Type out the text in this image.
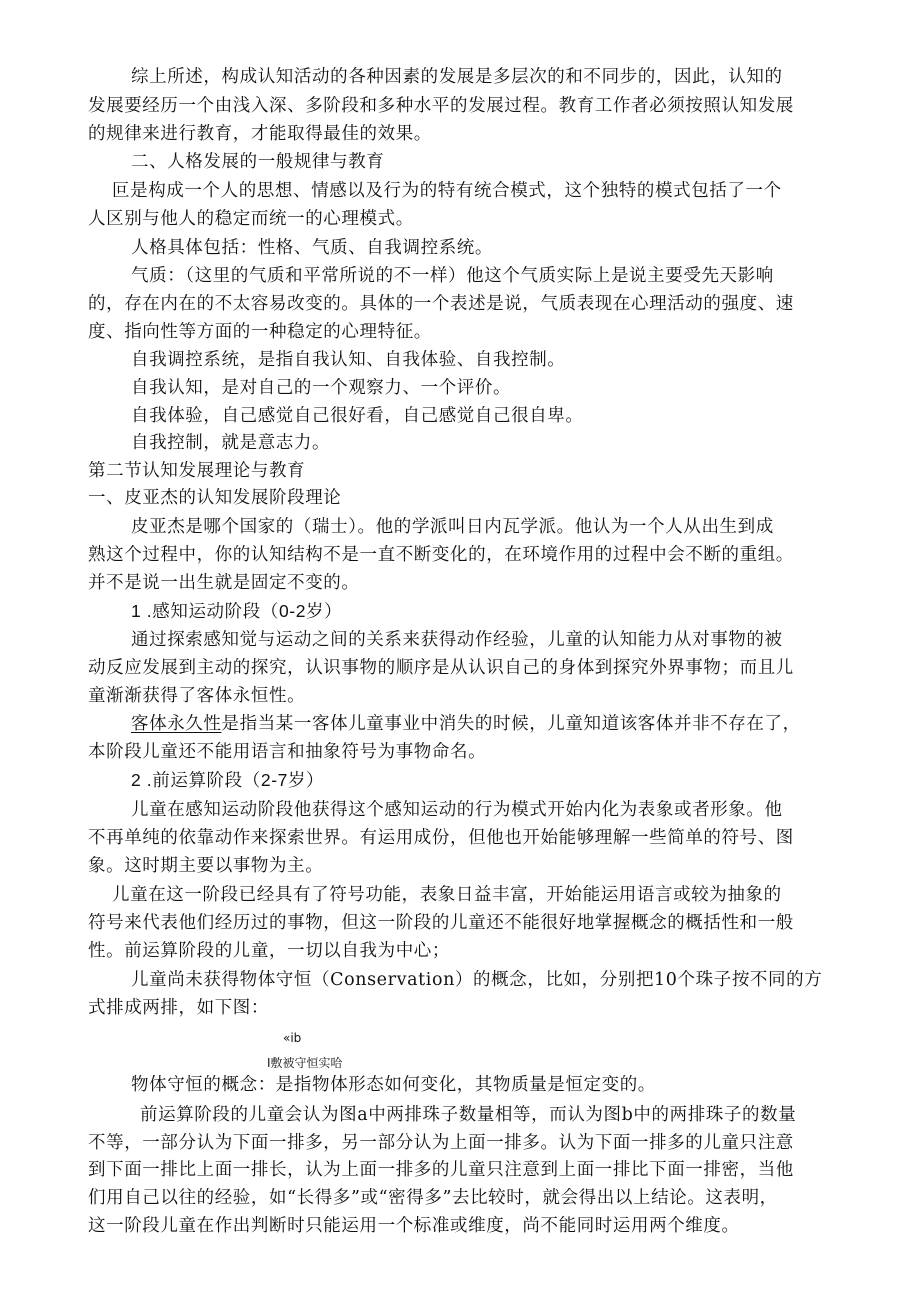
综上所述，构成认知活动的各种因素的发展是多层次的和不同步的，因此，认知的
发展要经历一个由浅入深、多阶段和多种水平的发展过程。教育工作者必须按照认知发展
的规律来进行教育，才能取得最佳的效果。
二、人格发展的一般规律与教育
叵是构成一个人的思想、情感以及行为的特有统合模式，这个独特的模式包括了一个
人区别与他人的稳定而统一的心理模式。
人格具体包括：性格、气质、自我调控系统。
气质：（这里的气质和平常所说的不一样）他这个气质实际上是说主要受先天影响
的，存在内在的不太容易改变的。具体的一个表述是说，气质表现在心理活动的强度、速
度、指向性等方面的一种稳定的心理特征。
自我调控系统，是指自我认知、自我体验、自我控制。
自我认知，是对自己的一个观察力、一个评价。
自我体验，自己感觉自己很好看，自己感觉自己很自卑。
自我控制，就是意志力。
第二节认知发展理论与教育
一、皮亚杰的认知发展阶段理论
皮亚杰是哪个国家的（瑞士）。他的学派叫日内瓦学派。他认为一个人从出生到成
熟这个过程中，你的认知结构不是一直不断变化的，在环境作用的过程中会不断的重组。
并不是说一出生就是固定不变的。
1 .感知运动阶段（0-2岁）
通过探索感知觉与运动之间的关系来获得动作经验，儿童的认知能力从对事物的被
动反应发展到主动的探究，认识事物的顺序是从认识自己的身体到探究外界事物；而且儿
童渐渐获得了客体永恒性。
客体永久性是指当某一客体儿童事业中消失的时候，儿童知道该客体并非不存在了，
本阶段儿童还不能用语言和抽象符号为事物命名。
2 .前运算阶段（2-7岁）
儿童在感知运动阶段他获得这个感知运动的行为模式开始内化为表象或者形象。他
不再单纯的依靠动作来探索世界。有运用成份，但他也开始能够理解一些简单的符号、图
象。这时期主要以事物为主。
儿童在这一阶段已经具有了符号功能，表象日益丰富，开始能运用语言或较为抽象的
符号来代表他们经历过的事物，但这一阶段的儿童还不能很好地掌握概念的概括性和一般
性。前运算阶段的儿童，一切以自我为中心；
儿童尚未获得物体守恒（Conservation）的概念，比如，分别把10个珠子按不同的方
式排成两排，如下图：
«ib
I敷被守恒实哈
物体守恒的概念：是指物体形态如何变化，其物质量是恒定变的。
前运算阶段的儿童会认为图a中两排珠子数量相等，而认为图b中的两排珠子的数量
不等，一部分认为下面一排多，另一部分认为上面一排多。认为下面一排多的儿童只注意
到下面一排比上面一排长，认为上面一排多的儿童只注意到上面一排比下面一排密，当他
们用自己以往的经验，如“长得多”或“密得多”去比较时，就会得出以上结论。这表明，
这一阶段儿童在作出判断时只能运用一个标准或维度，尚不能同时运用两个维度。
